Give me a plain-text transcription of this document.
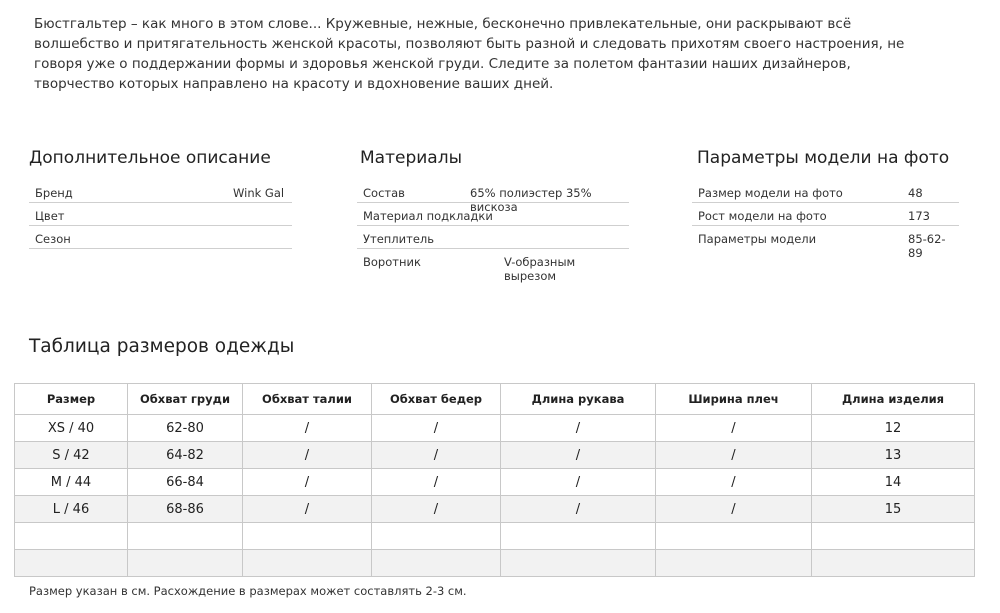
Бюстгальтер – как много в этом слове... Кружевные, нежные, бесконечно привлекательные, они раскрывают всё
волшебство и притягательность женской красоты, позволяют быть разной и следовать прихотям своего настроения, не
говоря уже о поддержании формы и здоровья женской груди. Следите за полетом фантазии наших дизайнеров,
творчество которых направлено на красоту и вдохновение ваших дней.
Дополнительное описание
Бренд	Wink Gal
Цвет
Сезон
Материалы
Состав	65% полиэстер 35% вискоза
Материал подкладки
Утеплитель
Воротник	V-образным вырезом
Параметры модели на фото
Размер модели на фото	48
Рост модели на фото	173
Параметры модели	85-62-89
Таблица размеров одежды
Размер	Обхват груди	Обхват талии	Обхват бедер	Длина рукава	Ширина плеч	Длина изделия
XS / 40	62-80	/	/	/	/	12
S / 42	64-82	/	/	/	/	13
M / 44	66-84	/	/	/	/	14
L / 46	68-86	/	/	/	/	15

Размер указан в см. Расхождение в размерах может составлять 2-3 см.
